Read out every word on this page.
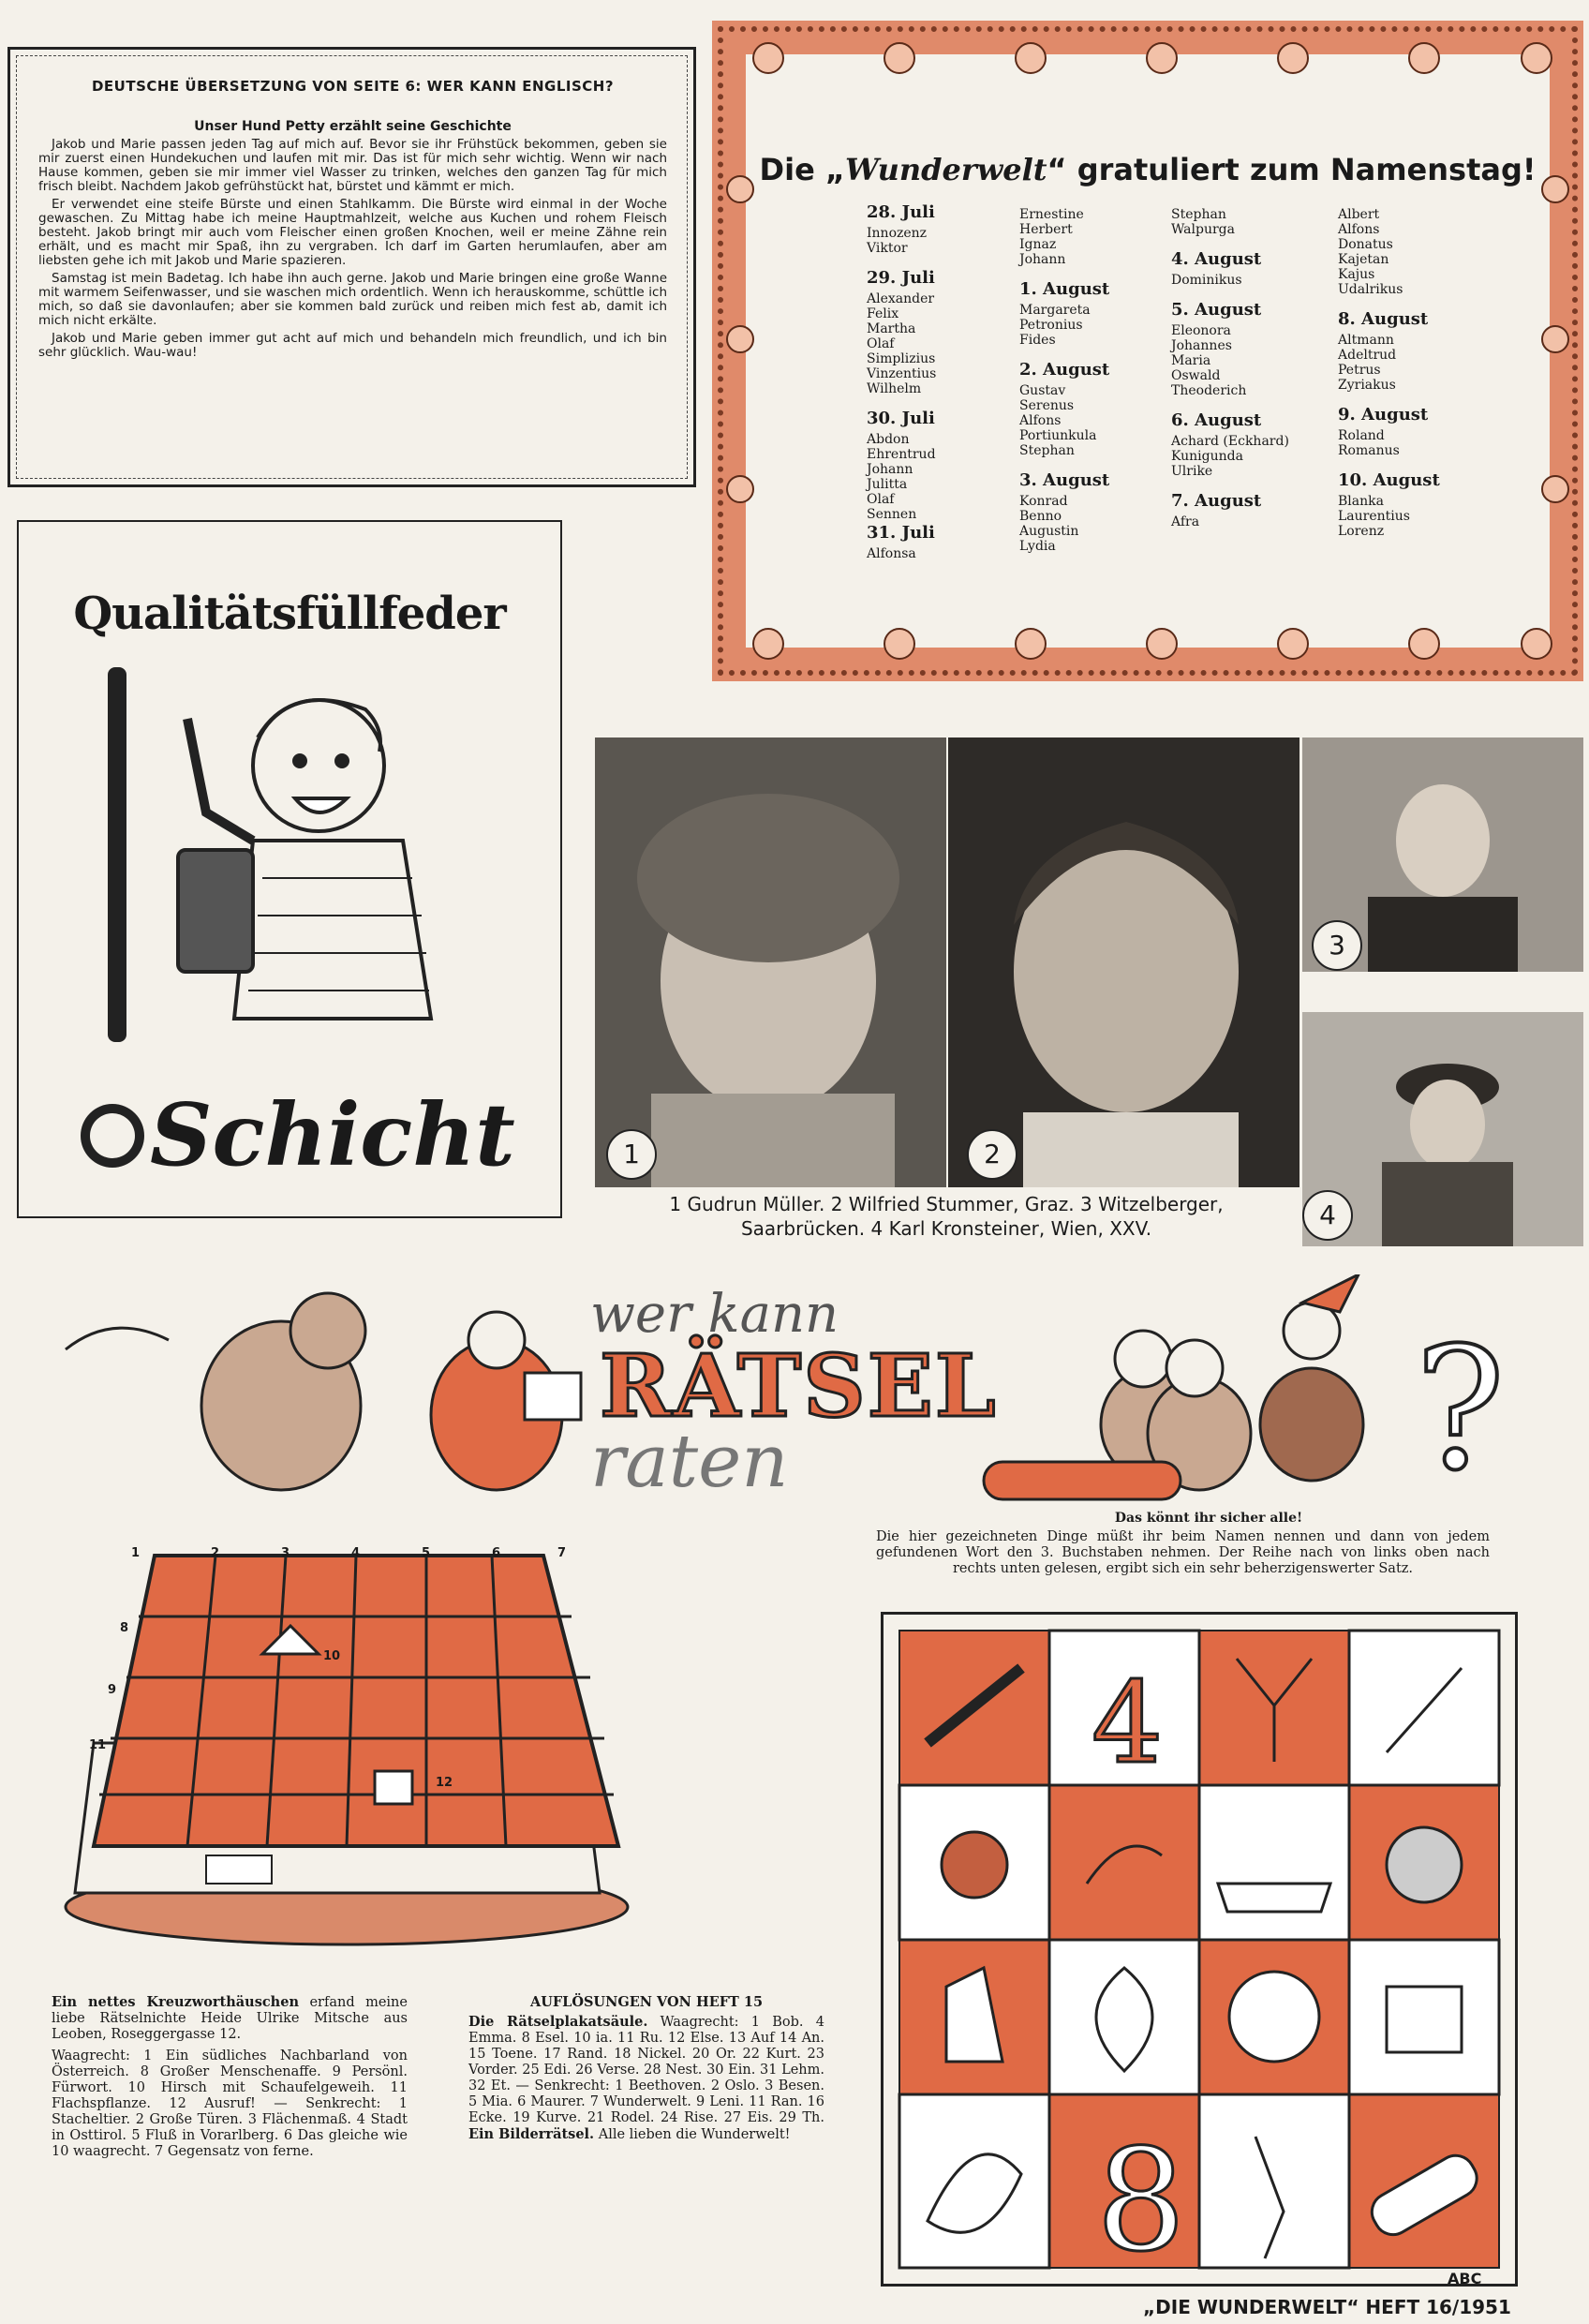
DEUTSCHE ÜBERSETZUNG VON SEITE 6: WER KANN ENGLISCH?
Unser Hund Petty erzählt seine Geschichte

Jakob und Marie passen jeden Tag auf mich auf. Bevor sie ihr Frühstück bekommen, geben sie mir zuerst einen Hundekuchen und laufen mit mir. Das ist für mich sehr wichtig. Wenn wir nach Hause kommen, geben sie mir immer viel Wasser zu trinken, welches den ganzen Tag für mich frisch bleibt. Nachdem Jakob gefrühstückt hat, bürstet und kämmt er mich.

Er verwendet eine steife Bürste und einen Stahlkamm. Die Bürste wird einmal in der Woche gewaschen. Zu Mittag habe ich meine Hauptmahlzeit, welche aus Kuchen und rohem Fleisch besteht. Jakob bringt mir auch vom Fleischer einen großen Knochen, weil er meine Zähne rein erhält, und es macht mir Spaß, ihn zu vergraben. Ich darf im Garten herumlaufen, aber am liebsten gehe ich mit Jakob und Marie spazieren.

Samstag ist mein Badetag. Ich habe ihn auch gerne. Jakob und Marie bringen eine große Wanne mit warmem Seifenwasser, und sie waschen mich ordentlich. Wenn ich herauskomme, schüttle ich mich, so daß sie davonlaufen; aber sie kommen bald zurück und reiben mich fest ab, damit ich mich nicht erkälte.

Jakob und Marie geben immer gut acht auf mich und behandeln mich freundlich, und ich bin sehr glücklich. Wau-wau!

Die „Wunderwelt“ gratuliert zum Namenstag!
28. Juli
Innozenz
Viktor
29. Juli
Alexander
Felix
Martha
Olaf
Simplizius
Vinzentius
Wilhelm
30. Juli
Abdon
Ehrentrud
Johann
Julitta
Olaf
Sennen
31. Juli
Alfonsa
Ernestine
Herbert
Ignaz
Johann
1. August
Margareta
Petronius
Fides
2. August
Gustav
Serenus
Alfons
Portiunkula
Stephan
3. August
Konrad
Benno
Augustin
Lydia
Stephan
Walpurga
4. August
Dominikus
5. August
Eleonora
Johannes
Maria
Oswald
Theoderich
6. August
Achard (Eckhard)
Kunigunda
Ulrike
7. August
Afra
Albert
Alfons
Donatus
Kajetan
Kajus
Udalrikus
8. August
Altmann
Adeltrud
Petrus
Zyriakus
9. August
Roland
Romanus
10. August
Blanka
Laurentius
Lorenz
Qualitätsfüllfeder
Schicht	1	2
3
4
1 Gudrun Müller. 2 Wilfried Stummer, Graz. 3 Witzelberger,
Saarbrücken. 4 Karl Kronsteiner, Wien, XXV.
wer kann
RÄTSEL
raten	?
1	2	3	4	5	6	7
8
9
10
11
12
Das könnt ihr sicher alle!
Die hier gezeichneten Dinge müßt ihr beim Namen nennen und dann von jedem gefundenen Wort den 3. Buchstaben nehmen. Der Reihe nach von links oben nach rechts unten gelesen, ergibt sich ein sehr beherzigenswerter Satz.
4
8	ABC
Ein nettes Kreuzworthäuschen erfand meine liebe Rätselnichte Heide Ulrike Mitsche aus Leoben, Roseggergasse 12.
Waagrecht: 1 Ein südliches Nachbarland von Österreich. 8 Großer Menschenaffe. 9 Persönl. Fürwort. 10 Hirsch mit Schaufelgeweih. 11 Flachspflanze. 12 Ausruf! — Senkrecht: 1 Stacheltier. 2 Große Türen. 3 Flächenmaß. 4 Stadt in Osttirol. 5 Fluß in Vorarlberg. 6 Das gleiche wie 10 waagrecht. 7 Gegensatz von ferne.
AUFLÖSUNGEN VON HEFT 15
Die Rätselplakatsäule. Waagrecht: 1 Bob. 4 Emma. 8 Esel. 10 ia. 11 Ru. 12 Else. 13 Auf 14 An. 15 Toene. 17 Rand. 18 Nickel. 20 Or. 22 Kurt. 23 Vorder. 25 Edi. 26 Verse. 28 Nest. 30 Ein. 31 Lehm. 32 Et. — Senkrecht: 1 Beethoven. 2 Oslo. 3 Besen. 5 Mia. 6 Maurer. 7 Wunderwelt. 9 Leni. 11 Ran. 16 Ecke. 19 Kurve. 21 Rodel. 24 Rise. 27 Eis. 29 Th. Ein Bilderrätsel. Alle lieben die Wunderwelt!
„DIE WUNDERWELT“ HEFT 16/1951
